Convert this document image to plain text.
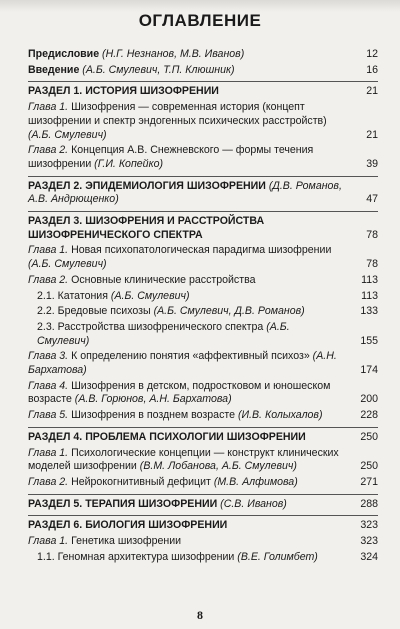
ОГЛАВЛЕНИЕ
Предисловие (Н.Г. Незнанов, М.В. Иванов)	12
Введение (А.Б. Смулевич, Т.П. Клюшник)	16
РАЗДЕЛ 1. ИСТОРИЯ ШИЗОФРЕНИИ	21
Глава 1. Шизофрения — современная история (концепт шизофрении и спектр эндогенных психических расстройств) (А.Б. Смулевич)	21
Глава 2. Концепция А.В. Снежневского — формы течения шизофрении (Г.И. Копейко)	39
РАЗДЕЛ 2. ЭПИДЕМИОЛОГИЯ ШИЗОФРЕНИИ (Д.В. Романов, А.В. Андрющенко)	47
РАЗДЕЛ 3. ШИЗОФРЕНИЯ И РАССТРОЙСТВА ШИЗОФРЕНИЧЕСКОГО СПЕКТРА	78
Глава 1. Новая психопатологическая парадигма шизофрении (А.Б. Смулевич)	78
Глава 2. Основные клинические расстройства	113
2.1. Кататония (А.Б. Смулевич)	113
2.2. Бредовые психозы (А.Б. Смулевич, Д.В. Романов)	133
2.3. Расстройства шизофренического спектра (А.Б. Смулевич)	155
Глава 3. К определению понятия «аффективный психоз» (А.Н. Бархатова)	174
Глава 4. Шизофрения в детском, подростковом и юношеском возрасте (А.В. Горюнов, А.Н. Бархатова)	200
Глава 5. Шизофрения в позднем возрасте (И.В. Колыхалов)	228
РАЗДЕЛ 4. ПРОБЛЕМА ПСИХОЛОГИИ ШИЗОФРЕНИИ	250
Глава 1. Психологические концепции — конструкт клинических моделей шизофрении (В.М. Лобанова, А.Б. Смулевич)	250
Глава 2. Нейрокогнитивный дефицит (М.В. Алфимова)	271
РАЗДЕЛ 5. ТЕРАПИЯ ШИЗОФРЕНИИ (С.В. Иванов)	288
РАЗДЕЛ 6. БИОЛОГИЯ ШИЗОФРЕНИИ	323
Глава 1. Генетика шизофрении	323
1.1. Геномная архитектура шизофрении (В.Е. Голимбет)	324
8
